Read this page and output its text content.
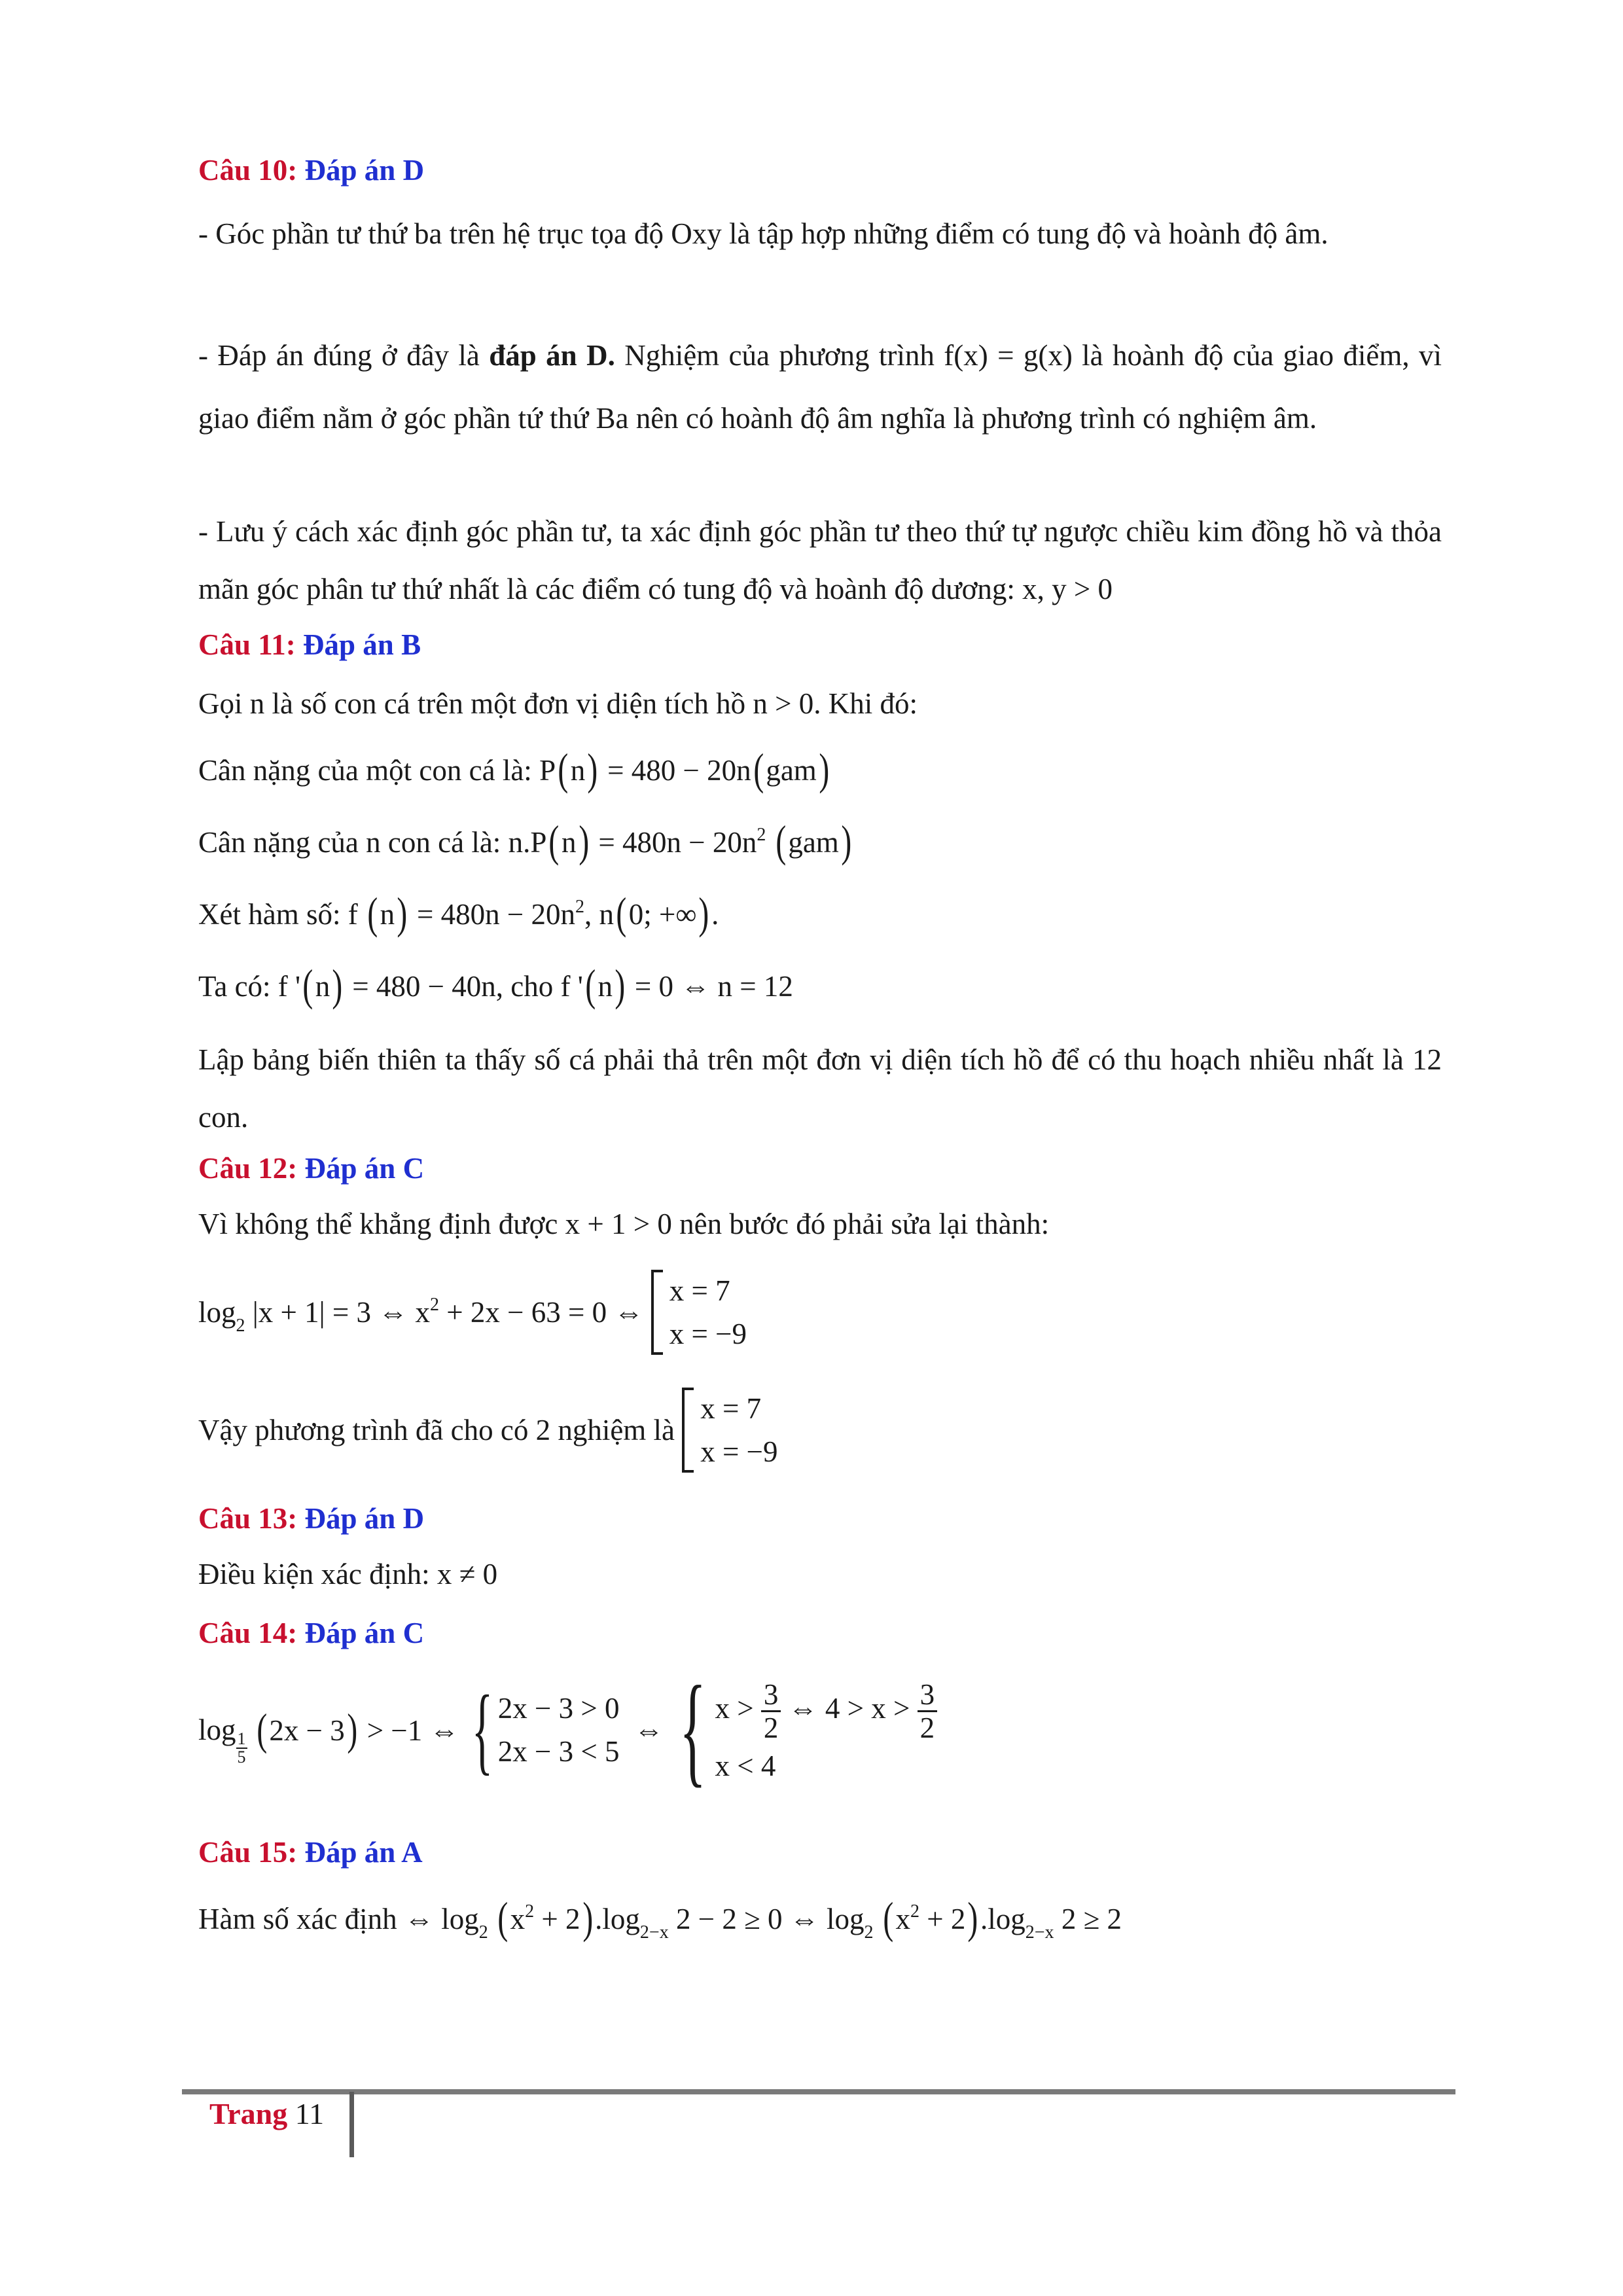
Câu 10: Đáp án D
- Góc phần tư thứ ba trên hệ trục tọa độ Oxy là tập hợp những điểm có tung độ và hoành độ âm.
- Đáp án đúng ở đây là đáp án D. Nghiệm của phương trình f(x) = g(x) là hoành độ của giao điểm, vì giao điểm nằm ở góc phần tứ thứ Ba nên có hoành độ âm nghĩa là phương trình có nghiệm âm.
- Lưu ý cách xác định góc phần tư, ta xác định góc phần tư theo thứ tự ngược chiều kim đồng hồ và thỏa mãn góc phân tư thứ nhất là các điểm có tung độ và hoành độ dương: x, y > 0
Câu 11: Đáp án B
Gọi n là số con cá trên một đơn vị diện tích hồ n > 0. Khi đó:
Cân nặng của một con cá là: P(n) = 480 − 20n(gam)
Cân nặng của n con cá là: $n.P(n) = 480n - 20n^2$ (gam)
Xét hàm số: f $(n) = 480n - 20n^2$, n(0; +∞).
Ta có: f '(n) = 480 − 40n, cho f '(n) = 0 ⇔ n = 12
Lập bảng biến thiên ta thấy số cá phải thả trên một đơn vị diện tích hồ để có thu hoạch nhiều nhất là 12 con.
Câu 12: Đáp án C
Vì không thể khẳng định được x + 1 > 0 nên bước đó phải sửa lại thành:
$\log_2 |x + 1| = 3$ ⇔ $x^2 + 2x - 63 = 0$ ⇔
x = 7
x = −9
Vậy phương trình đã cho có 2 nghiệm là
x = 7
x = −9
Câu 13: Đáp án D
Điều kiện xác định: x ≠ 0
Câu 14: Đáp án C
log
$\frac{1}{5} (2x - 3) > -1$ ⇔ { 2x − 3 > 0
2x − 3 < 5
⇔ { $x > \frac{3}{2}$ ⇔ $4 > x > \frac{3}{2}$
x < 4
Câu 15: Đáp án A
Hàm số xác định ⇔ $\log_2 (x^2 + 2).\log_{2-x}$ 2 − 2 ≥ 0 ⇔ $\log_2 (x^2 + 2).\log_{2-x}$ 2 ≥ 2
Trang 11
